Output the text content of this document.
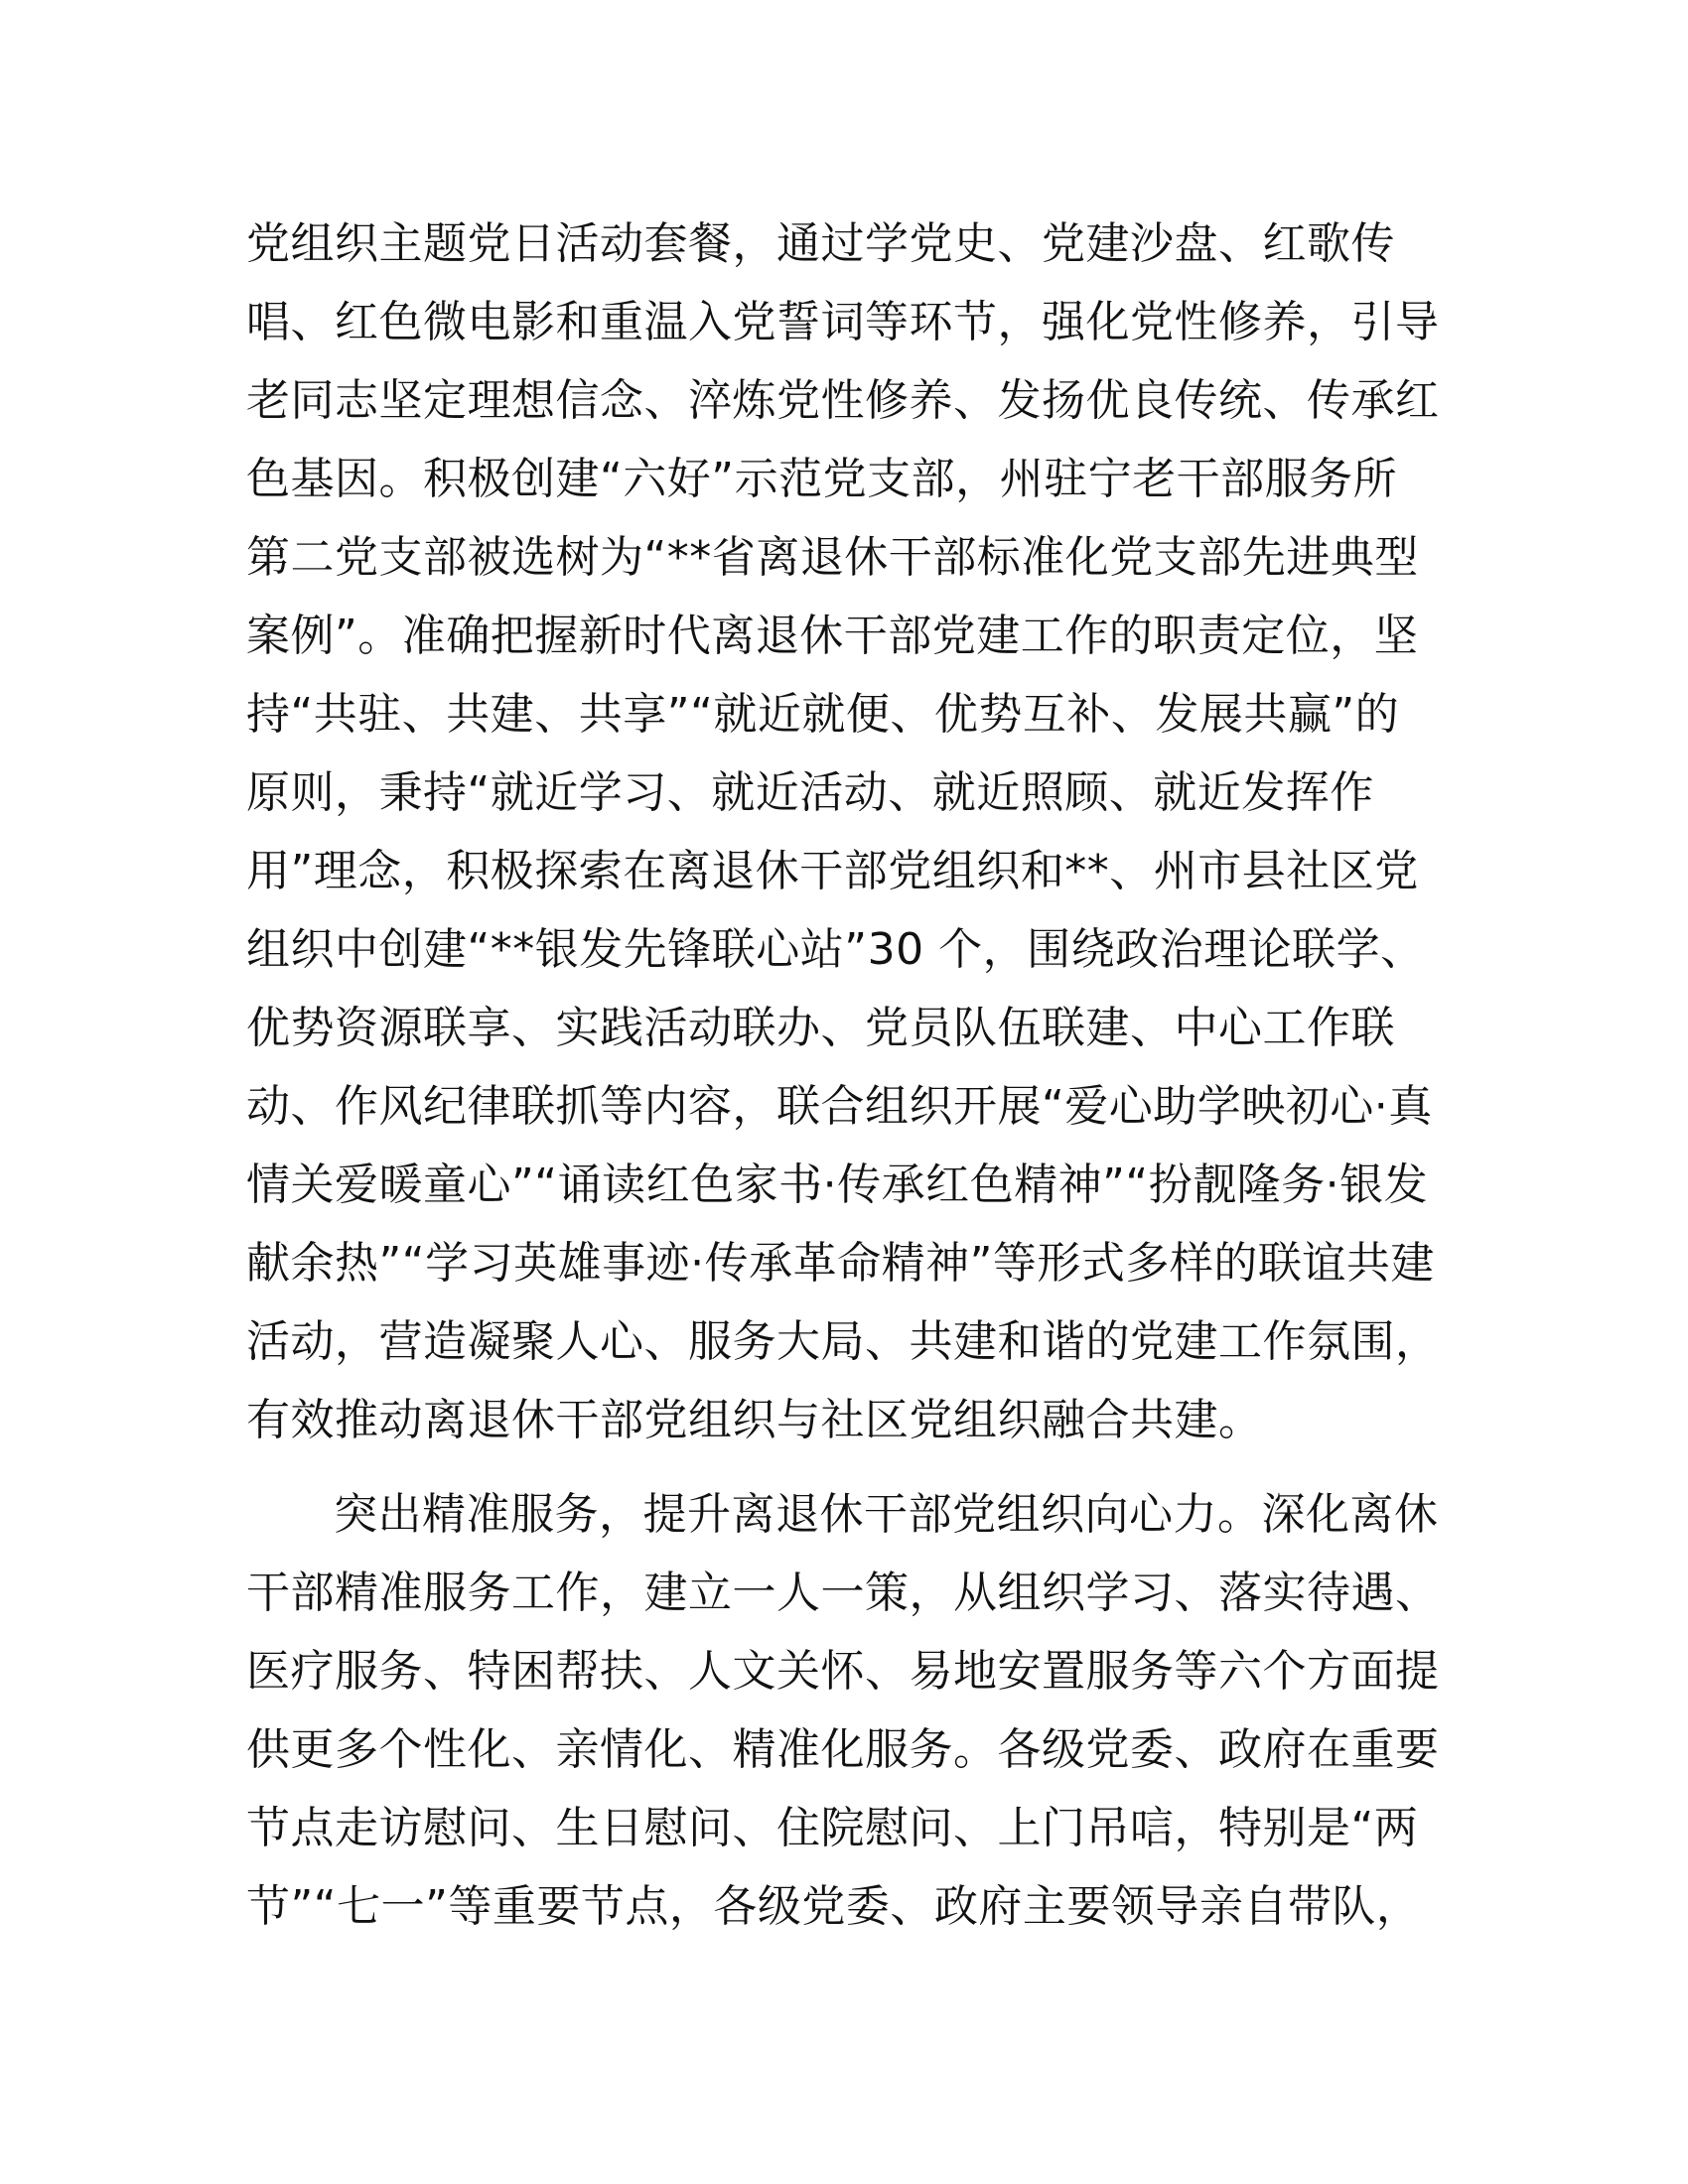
党组织主题党日活动套餐，通过学党史、党建沙盘、红歌传
唱、红色微电影和重温入党誓词等环节，强化党性修养，引导
老同志坚定理想信念、淬炼党性修养、发扬优良传统、传承红
色基因。积极创建“六好”示范党支部，州驻宁老干部服务所
第二党支部被选树为“**省离退休干部标准化党支部先进典型
案例”。准确把握新时代离退休干部党建工作的职责定位，坚
持“共驻、共建、共享”“就近就便、优势互补、发展共赢”的
原则，秉持“就近学习、就近活动、就近照顾、就近发挥作
用”理念，积极探索在离退休干部党组织和**、州市县社区党
组织中创建“**银发先锋联心站”30 个，围绕政治理论联学、
优势资源联享、实践活动联办、党员队伍联建、中心工作联
动、作风纪律联抓等内容，联合组织开展“爱心助学映初心·真
情关爱暖童心”“诵读红色家书·传承红色精神”“扮靓隆务·银发
献余热”“学习英雄事迹·传承革命精神”等形式多样的联谊共建
活动，营造凝聚人心、服务大局、共建和谐的党建工作氛围，
有效推动离退休干部党组织与社区党组织融合共建。
突出精准服务，提升离退休干部党组织向心力。深化离休
干部精准服务工作，建立一人一策，从组织学习、落实待遇、
医疗服务、特困帮扶、人文关怀、易地安置服务等六个方面提
供更多个性化、亲情化、精准化服务。各级党委、政府在重要
节点走访慰问、生日慰问、住院慰问、上门吊唁，特别是“两
节”“七一”等重要节点，各级党委、政府主要领导亲自带队，
